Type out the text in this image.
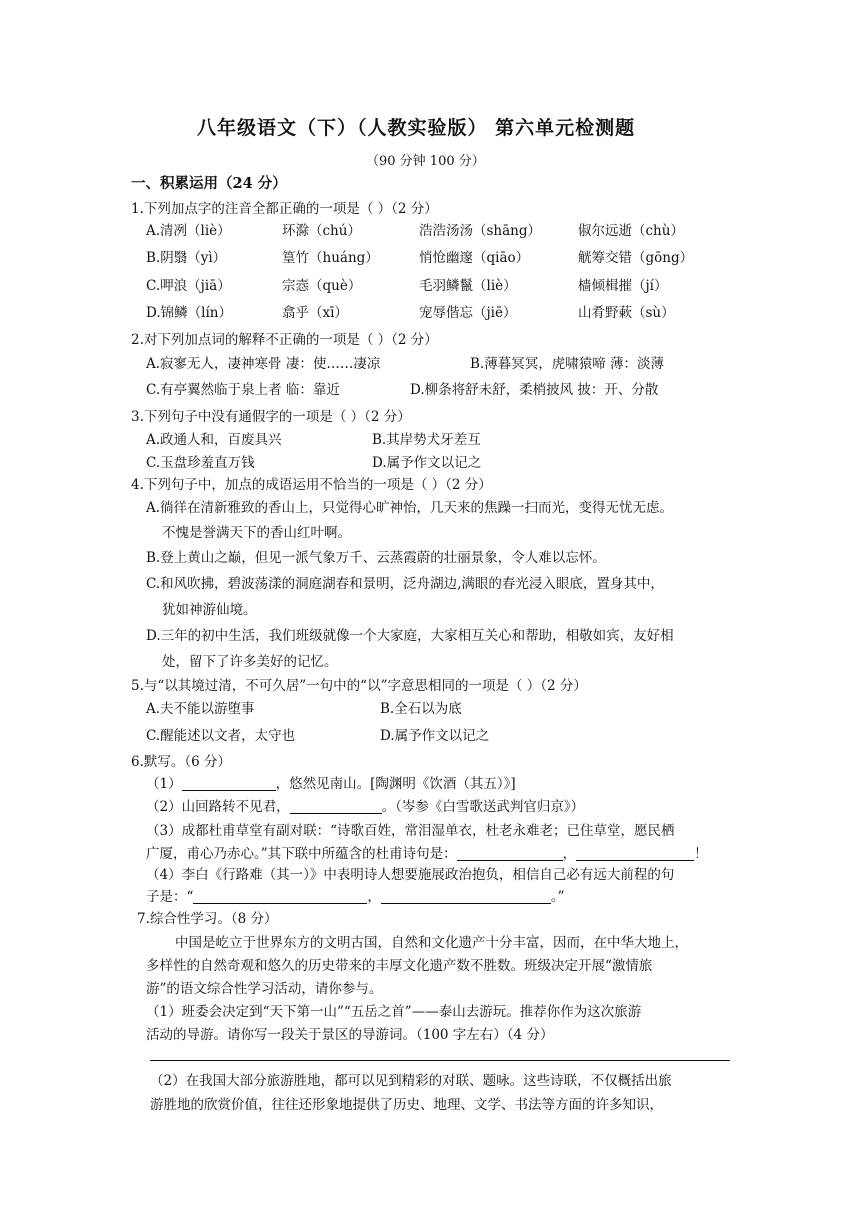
八年级语文（下）（人教实验版） 第六单元检测题
（90 分钟 100 分）
一、积累运用（24 分）
1.下列加点字的注音全都正确的一项是（ ）（2 分）
A.清冽（liè）	环滁（chú）	浩浩汤汤（shāng）	俶尔远逝（chù）
B.阴翳（yì）	篁竹（huáng）	悄怆幽邃（qiāo）	觥筹交错（gōng）
C.呷浪（jiā）	宗悫（què）	毛羽鳞鬣（liè）	樯倾楫摧（jí）
D.锦鳞（lín）	翕乎（xī）	宠辱偕忘（jiē）	山肴野蔌（sù）
2.对下列加点词的解释不正确的一项是（ ）（2 分）
A.寂寥无人，凄神寒骨 凄：使……凄凉	B.薄暮冥冥，虎啸猿啼 薄：淡薄
C.有亭翼然临于泉上者 临：靠近	D.柳条将舒未舒，柔梢披风 披：开、分散
3.下列句子中没有通假字的一项是（ ）（2 分）
A.政通人和，百废具兴	B.其岸势犬牙差互
C.玉盘珍羞直万钱	D.属予作文以记之
4.下列句子中，加点的成语运用不恰当的一项是（ ）（2 分）
A.徜徉在清新雅致的香山上，只觉得心旷神怡，几天来的焦躁一扫而光，变得无忧无虑。
不愧是誉满天下的香山红叶啊。
B.登上黄山之巅，但见一派气象万千、云蒸霞蔚的壮丽景象，令人难以忘怀。
C.和风吹拂，碧波荡漾的洞庭湖春和景明，泛舟湖边,满眼的春光浸入眼底，置身其中，
犹如神游仙境。
D.三年的初中生活，我们班级就像一个大家庭，大家相互关心和帮助，相敬如宾，友好相
处，留下了许多美好的记忆。
5.与“以其境过清，不可久居”一句中的“以”字意思相同的一项是（ ）（2 分）
A.夫不能以游堕事	B.全石以为底
C.醒能述以文者，太守也	D.属予作文以记之
6.默写。（6 分）
（1）	，悠然见南山。[陶渊明《饮酒（其五）》]
（2）山回路转不见君，	。（岑参《白雪歌送武判官归京》）
（3）成都杜甫草堂有副对联：“诗歌百姓，常泪湿单衣，杜老永难老；已住草堂，愿民栖
广厦，甫心乃赤心。”其下联中所蕴含的杜甫诗句是：	，	！
（4）李白《行路难（其一）》中表明诗人想要施展政治抱负，相信自己必有远大前程的句
子是：“	，	。”
7.综合性学习。（8 分）
中国是屹立于世界东方的文明古国，自然和文化遗产十分丰富，因而，在中华大地上，
多样性的自然奇观和悠久的历史带来的丰厚文化遗产数不胜数。班级决定开展“激情旅
游”的语文综合性学习活动，请你参与。
（1）班委会决定到“天下第一山”“五岳之首”——泰山去游玩。推荐你作为这次旅游
活动的导游。请你写一段关于景区的导游词。（100 字左右）（4 分）
（2）在我国大部分旅游胜地，都可以见到精彩的对联、题咏。这些诗联，不仅概括出旅
游胜地的欣赏价值，往往还形象地提供了历史、地理、文学、书法等方面的许多知识，
